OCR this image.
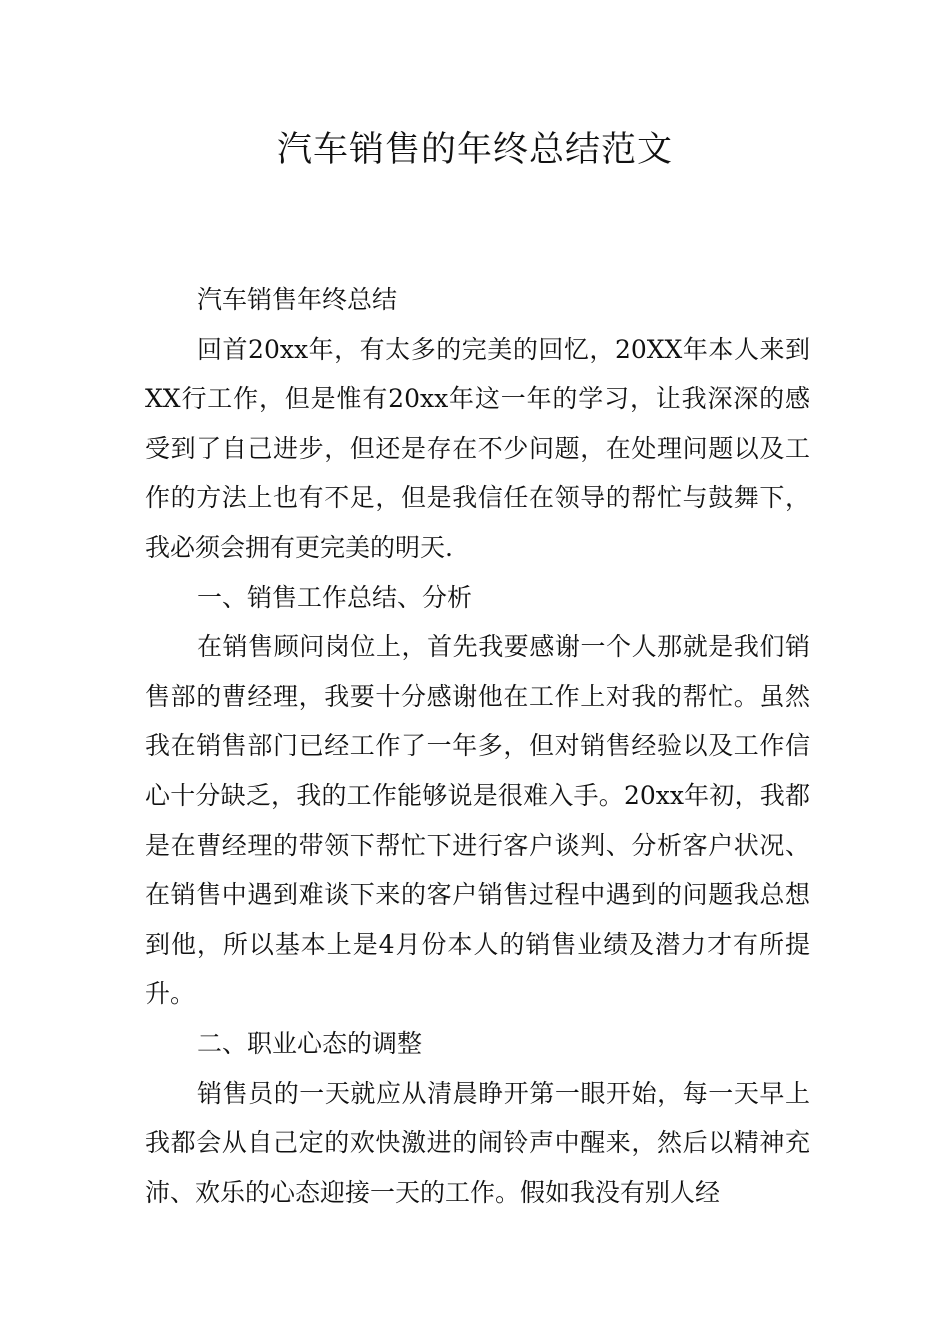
汽车销售的年终总结范文

汽车销售年终总结

回首20xx年，有太多的完美的回忆，20XX年本人来到XX行工作，但是惟有20xx年这一年的学习，让我深深的感受到了自己进步，但还是存在不少问题，在处理问题以及工作的方法上也有不足，但是我信任在领导的帮忙与鼓舞下，我必须会拥有更完美的明天.

一、销售工作总结、分析

在销售顾问岗位上，首先我要感谢一个人那就是我们销售部的曹经理，我要十分感谢他在工作上对我的帮忙。虽然我在销售部门已经工作了一年多，但对销售经验以及工作信心十分缺乏，我的工作能够说是很难入手。20xx年初，我都是在曹经理的带领下帮忙下进行客户谈判、分析客户状况、在销售中遇到难谈下来的客户销售过程中遇到的问题我总想到他，所以基本上是4月份本人的销售业绩及潜力才有所提升。

二、职业心态的调整

销售员的一天就应从清晨睁开第一眼开始，每一天早上我都会从自己定的欢快激进的闹铃声中醒来，然后以精神充沛、欢乐的心态迎接一天的工作。假如我没有别人经
